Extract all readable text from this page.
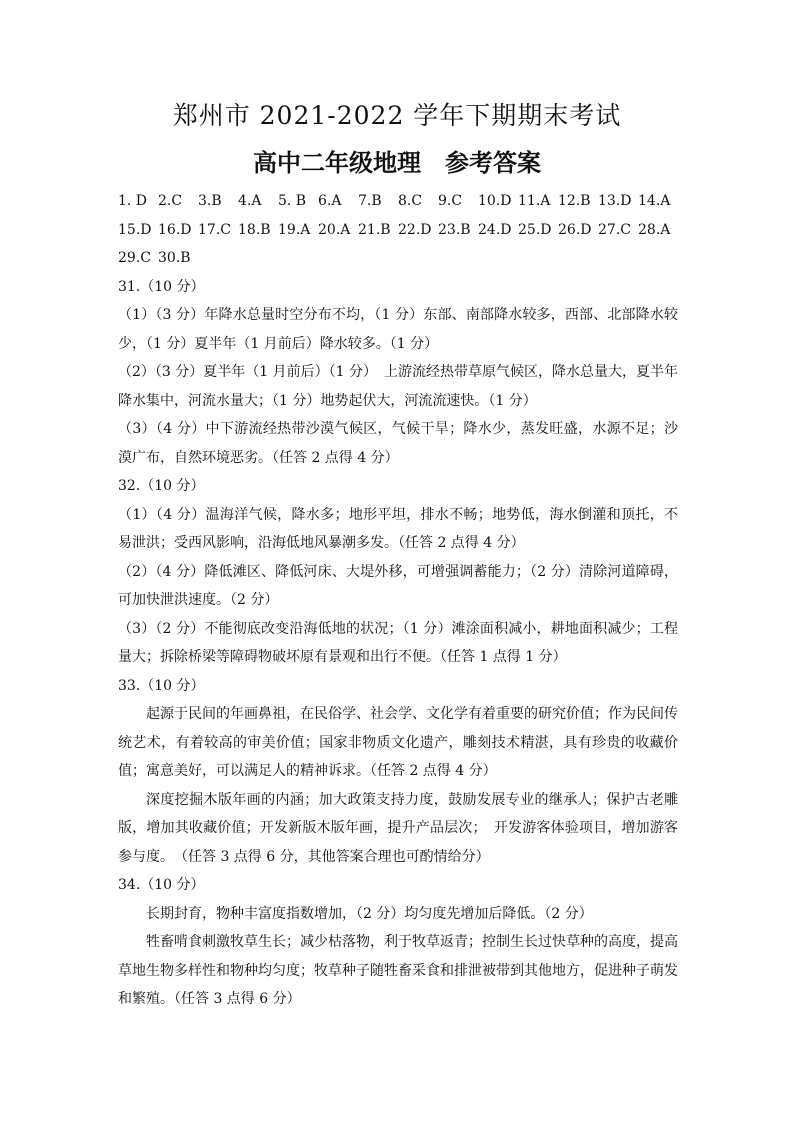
郑州市 2021-2022 学年下期期末考试
高中二年级地理　参考答案
1. D 2.C	3.B	4.A	5. B 6.A	7.B	8.C	9.C	10.D 11.A 12.B 13.D 14.A
15.D 16.D 17.C 18.B 19.A 20.A 21.B 22.D 23.B 24.D 25.D 26.D 27.C 28.A
29.C 30.B

31.（10 分）

（1）（3 分）年降水总量时空分布不均，（1 分）东部、南部降水较多，西部、北部降水较少，（1 分）夏半年（1 月前后）降水较多。（1 分）

（2）（3 分）夏半年（1 月前后）（1 分）　上游流经热带草原气候区，降水总量大，夏半年降水集中，河流水量大；（1 分）地势起伏大，河流流速快。（1 分）

（3）（4 分）中下游流经热带沙漠气候区，气候干旱；降水少，蒸发旺盛，水源不足；沙漠广布，自然环境恶劣。（任答 2 点得 4 分）

32.（10 分）

（1）（4 分）温海洋气候，降水多；地形平坦，排水不畅；地势低，海水倒灌和顶托，不易泄洪；受西风影响，沿海低地风暴潮多发。（任答 2 点得 4 分）

（2）（4 分）降低滩区、降低河床、大堤外移，可增强调蓄能力；（2 分）清除河道障碍，可加快泄洪速度。（2 分）

（3）（2 分）不能彻底改变沿海低地的状况；（1 分）滩涂面积减小，耕地面积减少；工程量大；拆除桥梁等障碍物破坏原有景观和出行不便。（任答 1 点得 1 分）

33.（10 分）

起源于民间的年画鼻祖，在民俗学、社会学、文化学有着重要的研究价值；作为民间传统艺术，有着较高的审美价值；国家非物质文化遗产，雕刻技术精湛，具有珍贵的收藏价值；寓意美好，可以满足人的精神诉求。（任答 2 点得 4 分）

深度挖掘木版年画的内涵；加大政策支持力度，鼓励发展专业的继承人；保护古老雕版，增加其收藏价值；开发新版木版年画，提升产品层次；　开发游客体验项目，增加游客参与度。　（任答 3 点得 6 分，其他答案合理也可酌情给分）

34.（10 分）

长期封育，物种丰富度指数增加，（2 分）均匀度先增加后降低。（2 分）

牲畜啃食刺激牧草生长；减少枯落物，利于牧草返青；控制生长过快草种的高度，提高草地生物多样性和物种均匀度；牧草种子随牲畜采食和排泄被带到其他地方，促进种子萌发和繁殖。（任答 3 点得 6 分）
